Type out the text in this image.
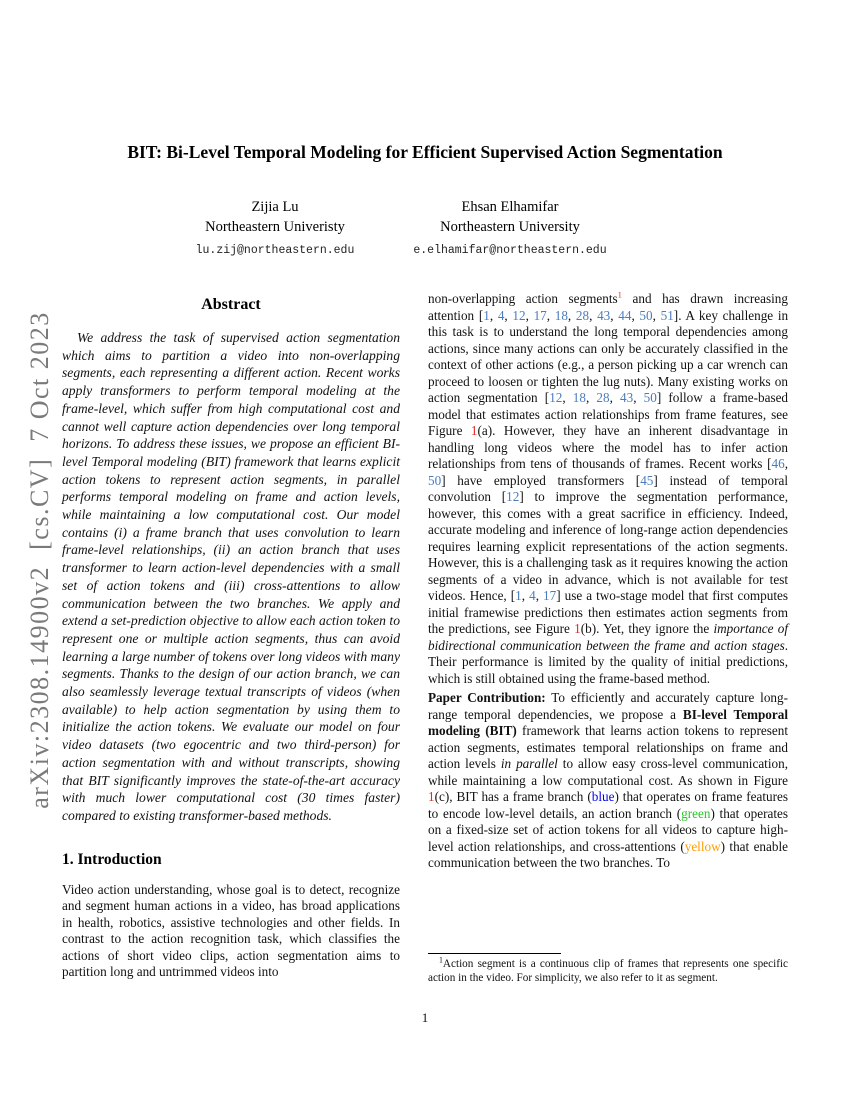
arXiv:2308.14900v2  [cs.CV]  7 Oct 2023
BIT: Bi-Level Temporal Modeling for Efficient Supervised Action Segmentation
Zijia Lu
Northeastern Univeristy
lu.zij@northeastern.edu
Ehsan Elhamifar
Northeastern University
e.elhamifar@northeastern.edu
Abstract

We address the task of supervised action segmentation which aims to partition a video into non-overlapping segments, each representing a different action. Recent works apply transformers to perform temporal modeling at the frame-level, which suffer from high computational cost and cannot well capture action dependencies over long temporal horizons. To address these issues, we propose an efficient BI-level Temporal modeling (BIT) framework that learns explicit action tokens to represent action segments, in parallel performs temporal modeling on frame and action levels, while maintaining a low computational cost. Our model contains (i) a frame branch that uses convolution to learn frame-level relationships, (ii) an action branch that uses transformer to learn action-level dependencies with a small set of action tokens and (iii) cross-attentions to allow communication between the two branches. We apply and extend a set-prediction objective to allow each action token to represent one or multiple action segments, thus can avoid learning a large number of tokens over long videos with many segments. Thanks to the design of our action branch, we can also seamlessly leverage textual transcripts of videos (when available) to help action segmentation by using them to initialize the action tokens. We evaluate our model on four video datasets (two egocentric and two third-person) for action segmentation with and without transcripts, showing that BIT significantly improves the state-of-the-art accuracy with much lower computational cost (30 times faster) compared to existing transformer-based methods.

1. Introduction

Video action understanding, whose goal is to detect, recognize and segment human actions in a video, has broad applications in health, robotics, assistive technologies and other fields. In contrast to the action recognition task, which classifies the actions of short video clips, action segmentation aims to partition long and untrimmed videos into

non-overlapping action segments$^1$ and has drawn increasing attention [1, 4, 12, 17, 18, 28, 43, 44, 50, 51]. A key challenge in this task is to understand the long temporal dependencies among actions, since many actions can only be accurately classified in the context of other actions (e.g., a person picking up a car wrench can proceed to loosen or tighten the lug nuts). Many existing works on action segmentation [12, 18, 28, 43, 50] follow a frame-based model that estimates action relationships from frame features, see Figure 1(a). However, they have an inherent disadvantage in handling long videos where the model has to infer action relationships from tens of thousands of frames. Recent works [46, 50] have employed transformers [45] instead of temporal convolution [12] to improve the segmentation performance, however, this comes with a great sacrifice in efficiency. Indeed, accurate modeling and inference of long-range action dependencies requires learning explicit representations of the action segments. However, this is a challenging task as it requires knowing the action segments of a video in advance, which is not available for test videos. Hence, [1, 4, 17] use a two-stage model that first computes initial framewise predictions then estimates action segments from the predictions, see Figure 1(b). Yet, they ignore the importance of bidirectional communication between the frame and action stages. Their performance is limited by the quality of initial predictions, which is still obtained using the frame-based method.

Paper Contribution: To efficiently and accurately capture long-range temporal dependencies, we propose a BI-level Temporal modeling (BIT) framework that learns action tokens to represent action segments, estimates temporal relationships on frame and action levels in parallel to allow easy cross-level communication, while maintaining a low computational cost. As shown in Figure 1(c), BIT has a frame branch (blue) that operates on frame features to encode low-level details, an action branch (green) that operates on a fixed-size set of action tokens for all videos to capture high-level action relationships, and cross-attentions (yellow) that enable communication between the two branches. To

$^1$Action segment is a continuous clip of frames that represents one specific action in the video. For simplicity, we also refer to it as segment.

1
